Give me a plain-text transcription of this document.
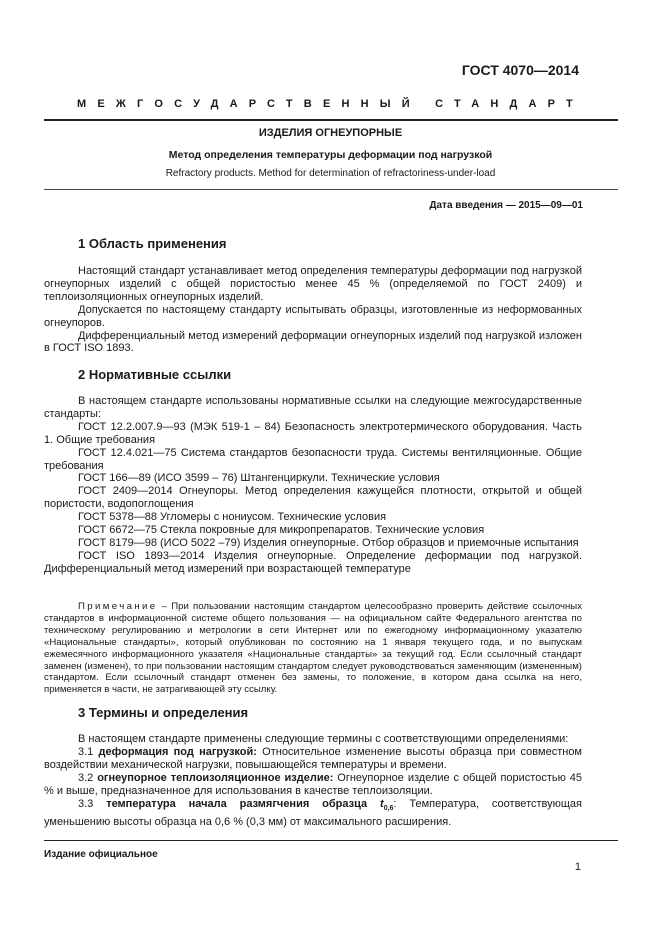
ГОСТ 4070—2014
МЕЖГОСУДАРСТВЕННЫЙ СТАНДАРТ
ИЗДЕЛИЯ ОГНЕУПОРНЫЕ
Метод определения температуры деформации под нагрузкой
Refractory products. Method for determination of refractoriness-under-load
Дата введения — 2015—09—01
1 Область применения

Настоящий стандарт устанавливает метод определения температуры деформации под нагрузкой огнеупорных изделий с общей пористостью менее 45 % (определяемой по ГОСТ 2409) и теплоизоляционных огнеупорных изделий.

Допускается по настоящему стандарту испытывать образцы, изготовленные из неформованных огнеупоров.

Дифференциальный метод измерений деформации огнеупорных изделий под нагрузкой изложен в ГОСТ ISO 1893.

2 Нормативные ссылки

В настоящем стандарте использованы нормативные ссылки на следующие межгосударственные стандарты:

ГОСТ 12.2.007.9—93 (МЭК 519-1 – 84) Безопасность электротермического оборудования. Часть 1. Общие требования

ГОСТ 12.4.021—75 Система стандартов безопасности труда. Системы вентиляционные. Общие требования

ГОСТ 166—89 (ИСО 3599 – 76) Штангенциркули. Технические условия

ГОСТ 2409—2014 Огнеупоры. Метод определения кажущейся плотности, открытой и общей пористости, водопоглощения

ГОСТ 5378—88 Угломеры с нониусом. Технические условия

ГОСТ 6672—75 Стекла покровные для микропрепаратов. Технические условия

ГОСТ 8179—98 (ИСО 5022 –79) Изделия огнеупорные. Отбор образцов и приемочные испытания

ГОСТ ISO 1893—2014 Изделия огнеупорные. Определение деформации под нагрузкой. Дифференциальный метод измерений при возрастающей температуре

Примечание – При пользовании настоящим стандартом целесообразно проверить действие ссылочных стандартов в информационной системе общего пользования — на официальном сайте Федерального агентства по техническому регулированию и метрологии в сети Интернет или по ежегодному информационному указателю «Национальные стандарты», который опубликован по состоянию на 1 января текущего года, и по выпускам ежемесячного информационного указателя «Национальные стандарты» за текущий год. Если ссылочный стандарт заменен (изменен), то при пользовании настоящим стандартом следует руководствоваться заменяющим (измененным) стандартом. Если ссылочный стандарт отменен без замены, то положение, в котором дана ссылка на него, применяется в части, не затрагивающей эту ссылку.

3 Термины и определения

В настоящем стандарте применены следующие термины с соответствующими определениями:

3.1 деформация под нагрузкой: Относительное изменение высоты образца при совместном воздействии механической нагрузки, повышающейся температуры и времени.

3.2 огнеупорное теплоизоляционное изделие: Огнеупорное изделие с общей пористостью 45 % и выше, предназначенное для использования в качестве теплоизоляции.

3.3 температура начала размягчения образца $t_{0,6}$: Температура, соответствующая уменьшению высоты образца на 0,6 % (0,3 мм) от максимального расширения.

Издание официальное
1
